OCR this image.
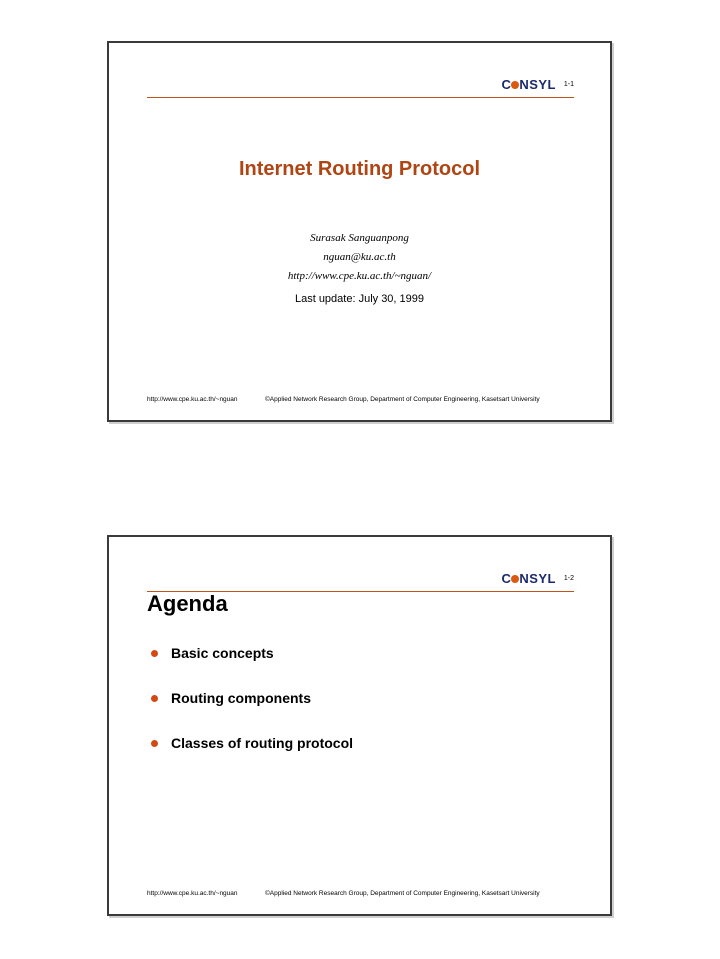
C NSYL 1-1
Internet Routing Protocol
Surasak Sanguanpong
nguan@ku.ac.th
http://www.cpe.ku.ac.th/~nguan/
Last update: July 30, 1999
http://www.cpe.ku.ac.th/~nguan	©Applied Network Research Group, Department of Computer Engineering, Kasetsart University
C NSYL 1-2
Agenda
Basic concepts
Routing components
Classes of routing protocol
http://www.cpe.ku.ac.th/~nguan	©Applied Network Research Group, Department of Computer Engineering, Kasetsart University
